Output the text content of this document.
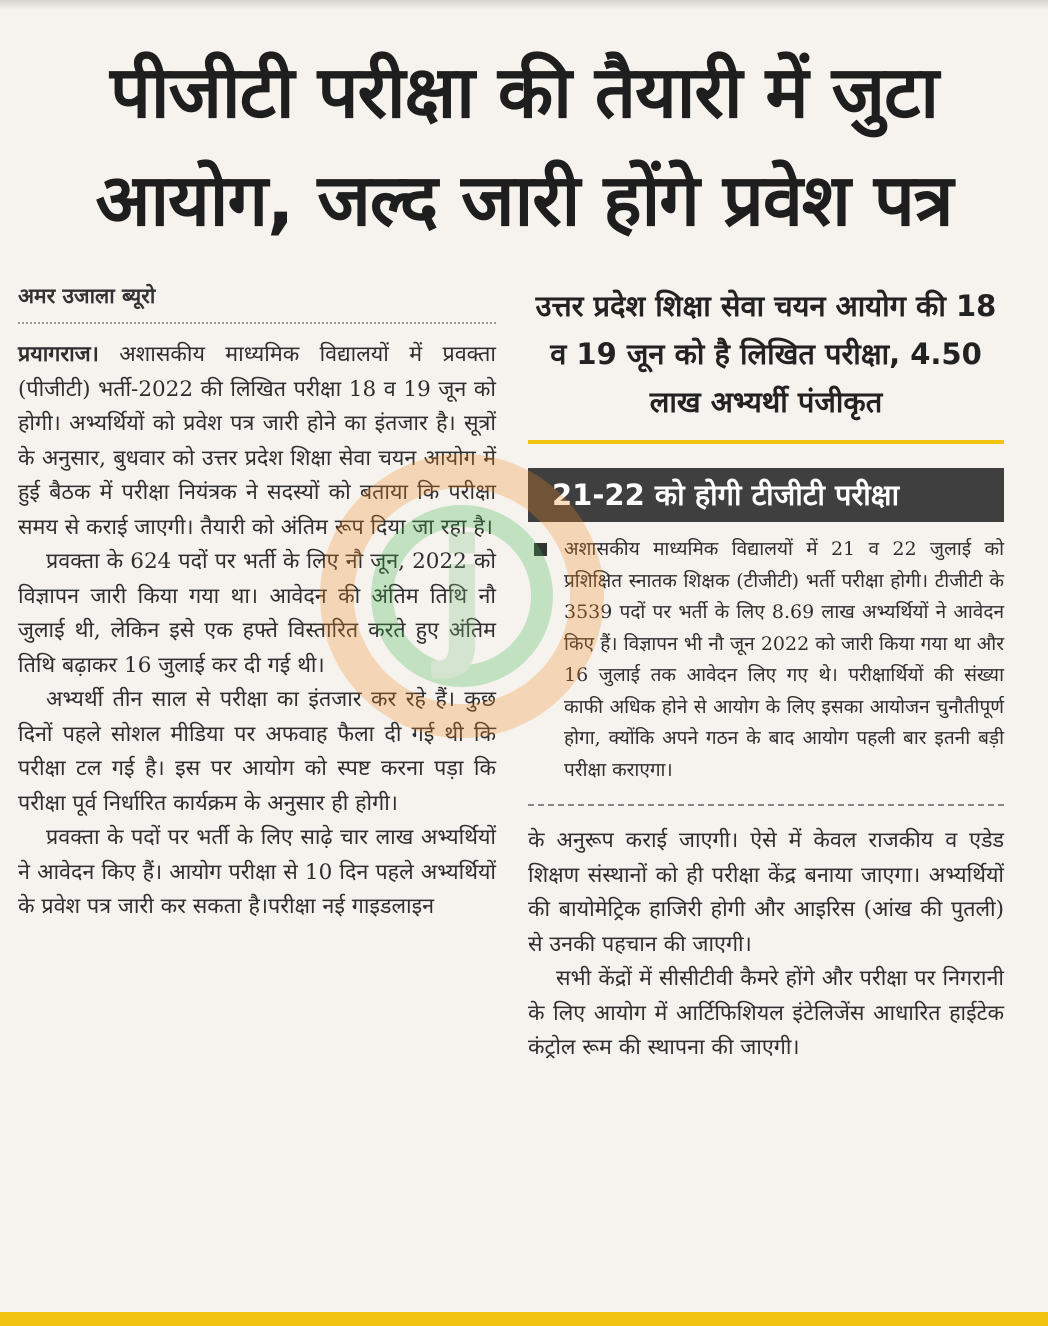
पीजीटी परीक्षा की तैयारी में जुटा
आयोग, जल्द जारी होंगे प्रवेश पत्र
अमर उजाला ब्यूरो

प्रयागराज। अशासकीय माध्यमिक विद्यालयों में प्रवक्ता (पीजीटी) भर्ती-2022 की लिखित परीक्षा 18 व 19 जून को होगी। अभ्यर्थियों को प्रवेश पत्र जारी होने का इंतजार है। सूत्रों के अनुसार, बुधवार को उत्तर प्रदेश शिक्षा सेवा चयन आयोग में हुई बैठक में परीक्षा नियंत्रक ने सदस्यों को बताया कि परीक्षा समय से कराई जाएगी। तैयारी को अंतिम रूप दिया जा रहा है।

प्रवक्ता के 624 पदों पर भर्ती के लिए नौ जून, 2022 को विज्ञापन जारी किया गया था। आवेदन की अंतिम तिथि नौ जुलाई थी, लेकिन इसे एक हफ्ते विस्तारित करते हुए अंतिम तिथि बढ़ाकर 16 जुलाई कर दी गई थी।

अभ्यर्थी तीन साल से परीक्षा का इंतजार कर रहे हैं। कुछ दिनों पहले सोशल मीडिया पर अफवाह फैला दी गई थी कि परीक्षा टल गई है। इस पर आयोग को स्पष्ट करना पड़ा कि परीक्षा पूर्व निर्धारित कार्यक्रम के अनुसार ही होगी।

प्रवक्ता के पदों पर भर्ती के लिए साढ़े चार लाख अभ्यर्थियों ने आवेदन किए हैं। आयोग परीक्षा से 10 दिन पहले अभ्यर्थियों के प्रवेश पत्र जारी कर सकता है।परीक्षा नई गाइडलाइन

उत्तर प्रदेश शिक्षा सेवा चयन आयोग की 18 व 19 जून को है लिखित परीक्षा, 4.50 लाख अभ्यर्थी पंजीकृत
21-22 को होगी टीजीटी परीक्षा
अशासकीय माध्यमिक विद्यालयों में 21 व 22 जुलाई को प्रशिक्षित स्नातक शिक्षक (टीजीटी) भर्ती परीक्षा होगी। टीजीटी के 3539 पदों पर भर्ती के लिए 8.69 लाख अभ्यर्थियों ने आवेदन किए हैं। विज्ञापन भी नौ जून 2022 को जारी किया गया था और 16 जुलाई तक आवेदन लिए गए थे। परीक्षार्थियों की संख्या काफी अधिक होने से आयोग के लिए इसका आयोजन चुनौतीपूर्ण होगा, क्योंकि अपने गठन के बाद आयोग पहली बार इतनी बड़ी परीक्षा कराएगा।

के अनुरूप कराई जाएगी। ऐसे में केवल राजकीय व एडेड शिक्षण संस्थानों को ही परीक्षा केंद्र बनाया जाएगा। अभ्यर्थियों की बायोमेट्रिक हाजिरी होगी और आइरिस (आंख की पुतली) से उनकी पहचान की जाएगी।

सभी केंद्रों में सीसीटीवी कैमरे होंगे और परीक्षा पर निगरानी के लिए आयोग में आर्टिफिशियल इंटेलिजेंस आधारित हाईटेक कंट्रोल रूम की स्थापना की जाएगी।

j
